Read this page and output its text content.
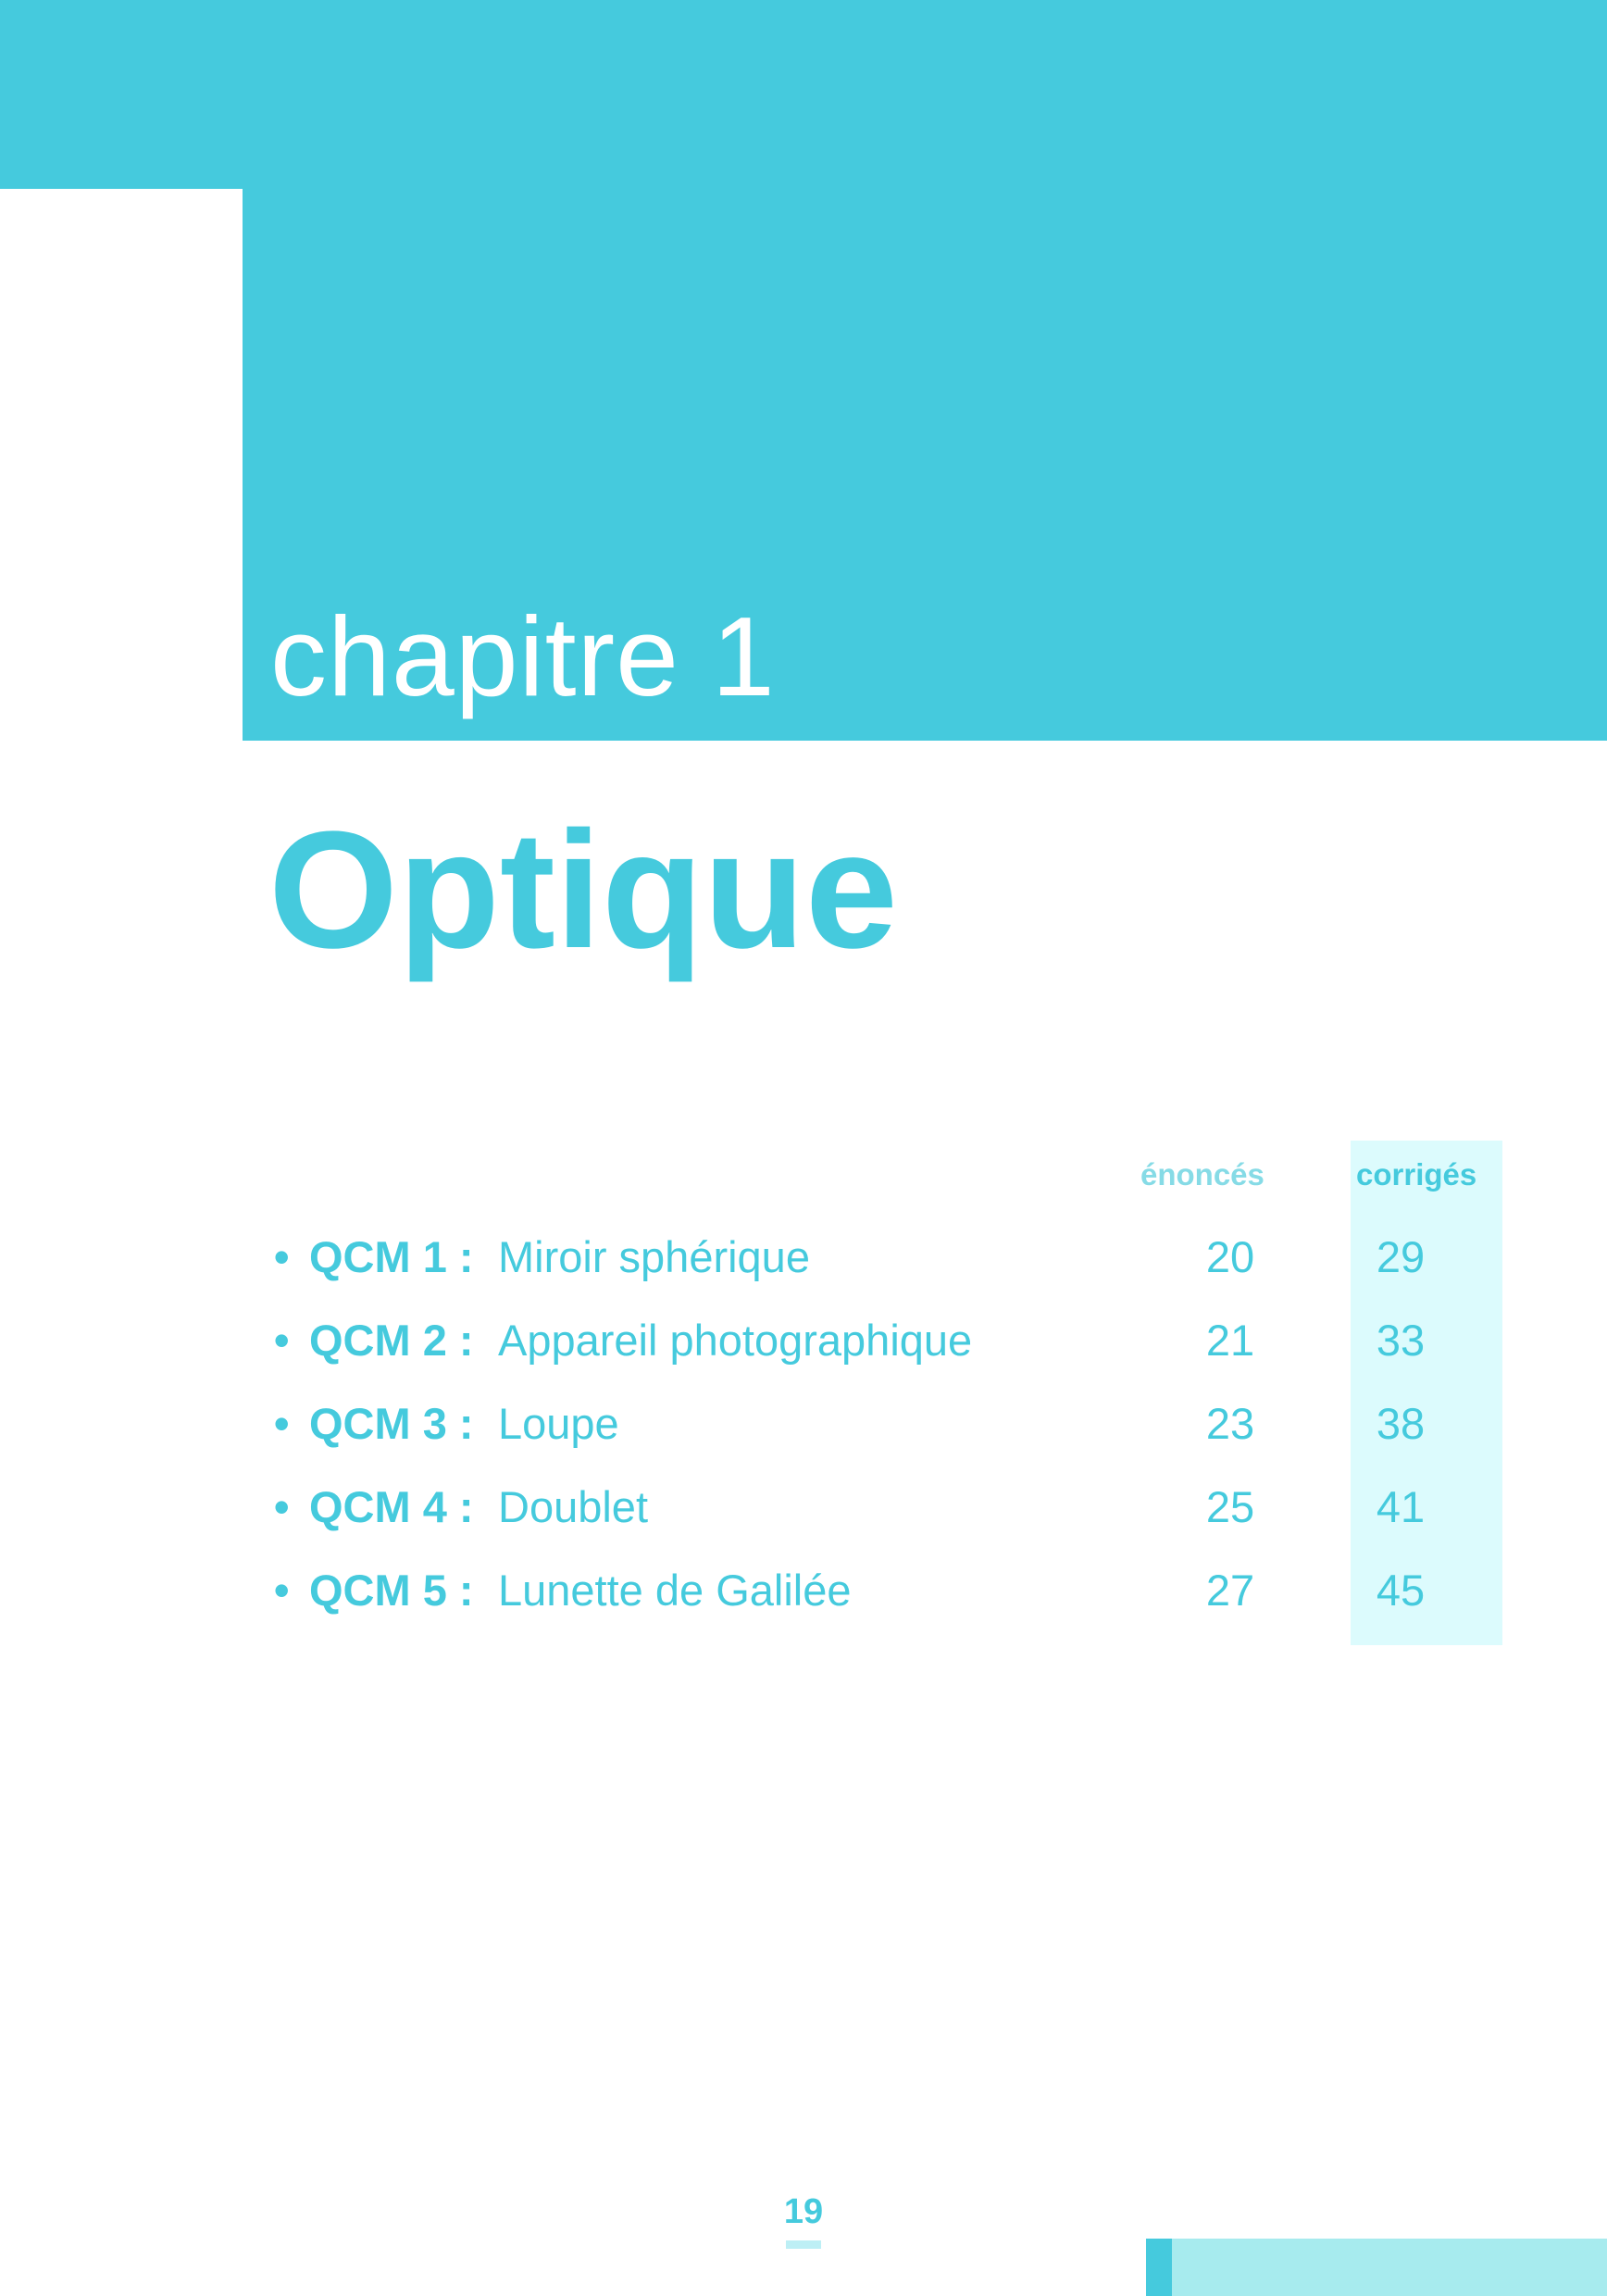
chapitre 1
Optique
énoncés	corrigés
• QCM 1 : Miroir sphérique	20	29
• QCM 2 : Appareil photographique	21	33
• QCM 3 : Loupe	23	38
• QCM 4 : Doublet	25	41
• QCM 5 : Lunette de Galilée	27	45
19
